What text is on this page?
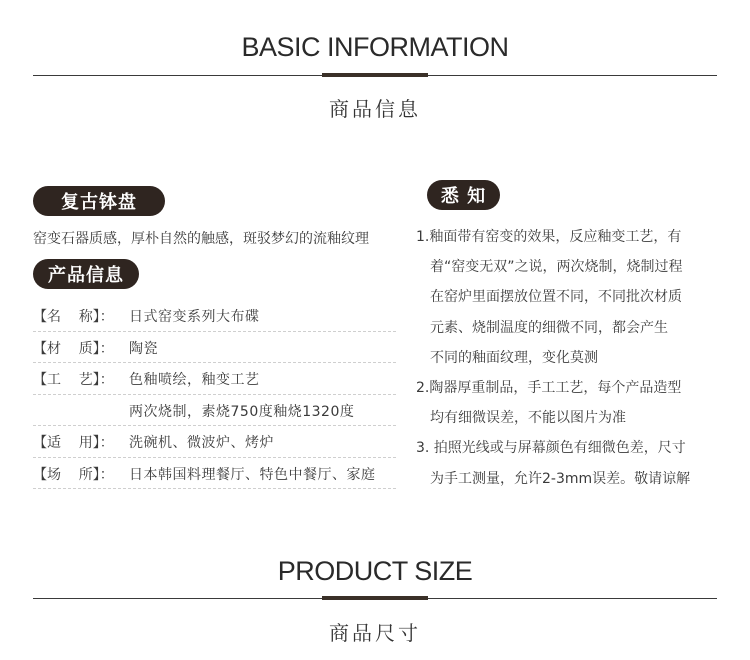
BASIC INFORMATION
商品信息
复古钵盘
窑变石器质感，厚朴自然的触感，斑驳梦幻的流釉纹理
产品信息
【名    称】：	日式窑变系列大布碟
【材    质】：	陶瓷
【工    艺】：	色釉喷绘，釉变工艺
两次烧制，素烧750度釉烧1320度
【适    用】：	洗碗机、微波炉、烤炉
【场    所】：	日本韩国料理餐厅、特色中餐厅、家庭
悉 知
1.釉面带有窑变的效果，反应釉变工艺，有
着“窑变无双”之说，两次烧制，烧制过程
在窑炉里面摆放位置不同，不同批次材质
元素、烧制温度的细微不同，都会产生
不同的釉面纹理，变化莫测
2.陶器厚重制品，手工工艺，每个产品造型
均有细微误差，不能以图片为准
3. 拍照光线或与屏幕颜色有细微色差，尺寸
为手工测量，允许2-3mm误差。敬请谅解
PRODUCT SIZE
商品尺寸
